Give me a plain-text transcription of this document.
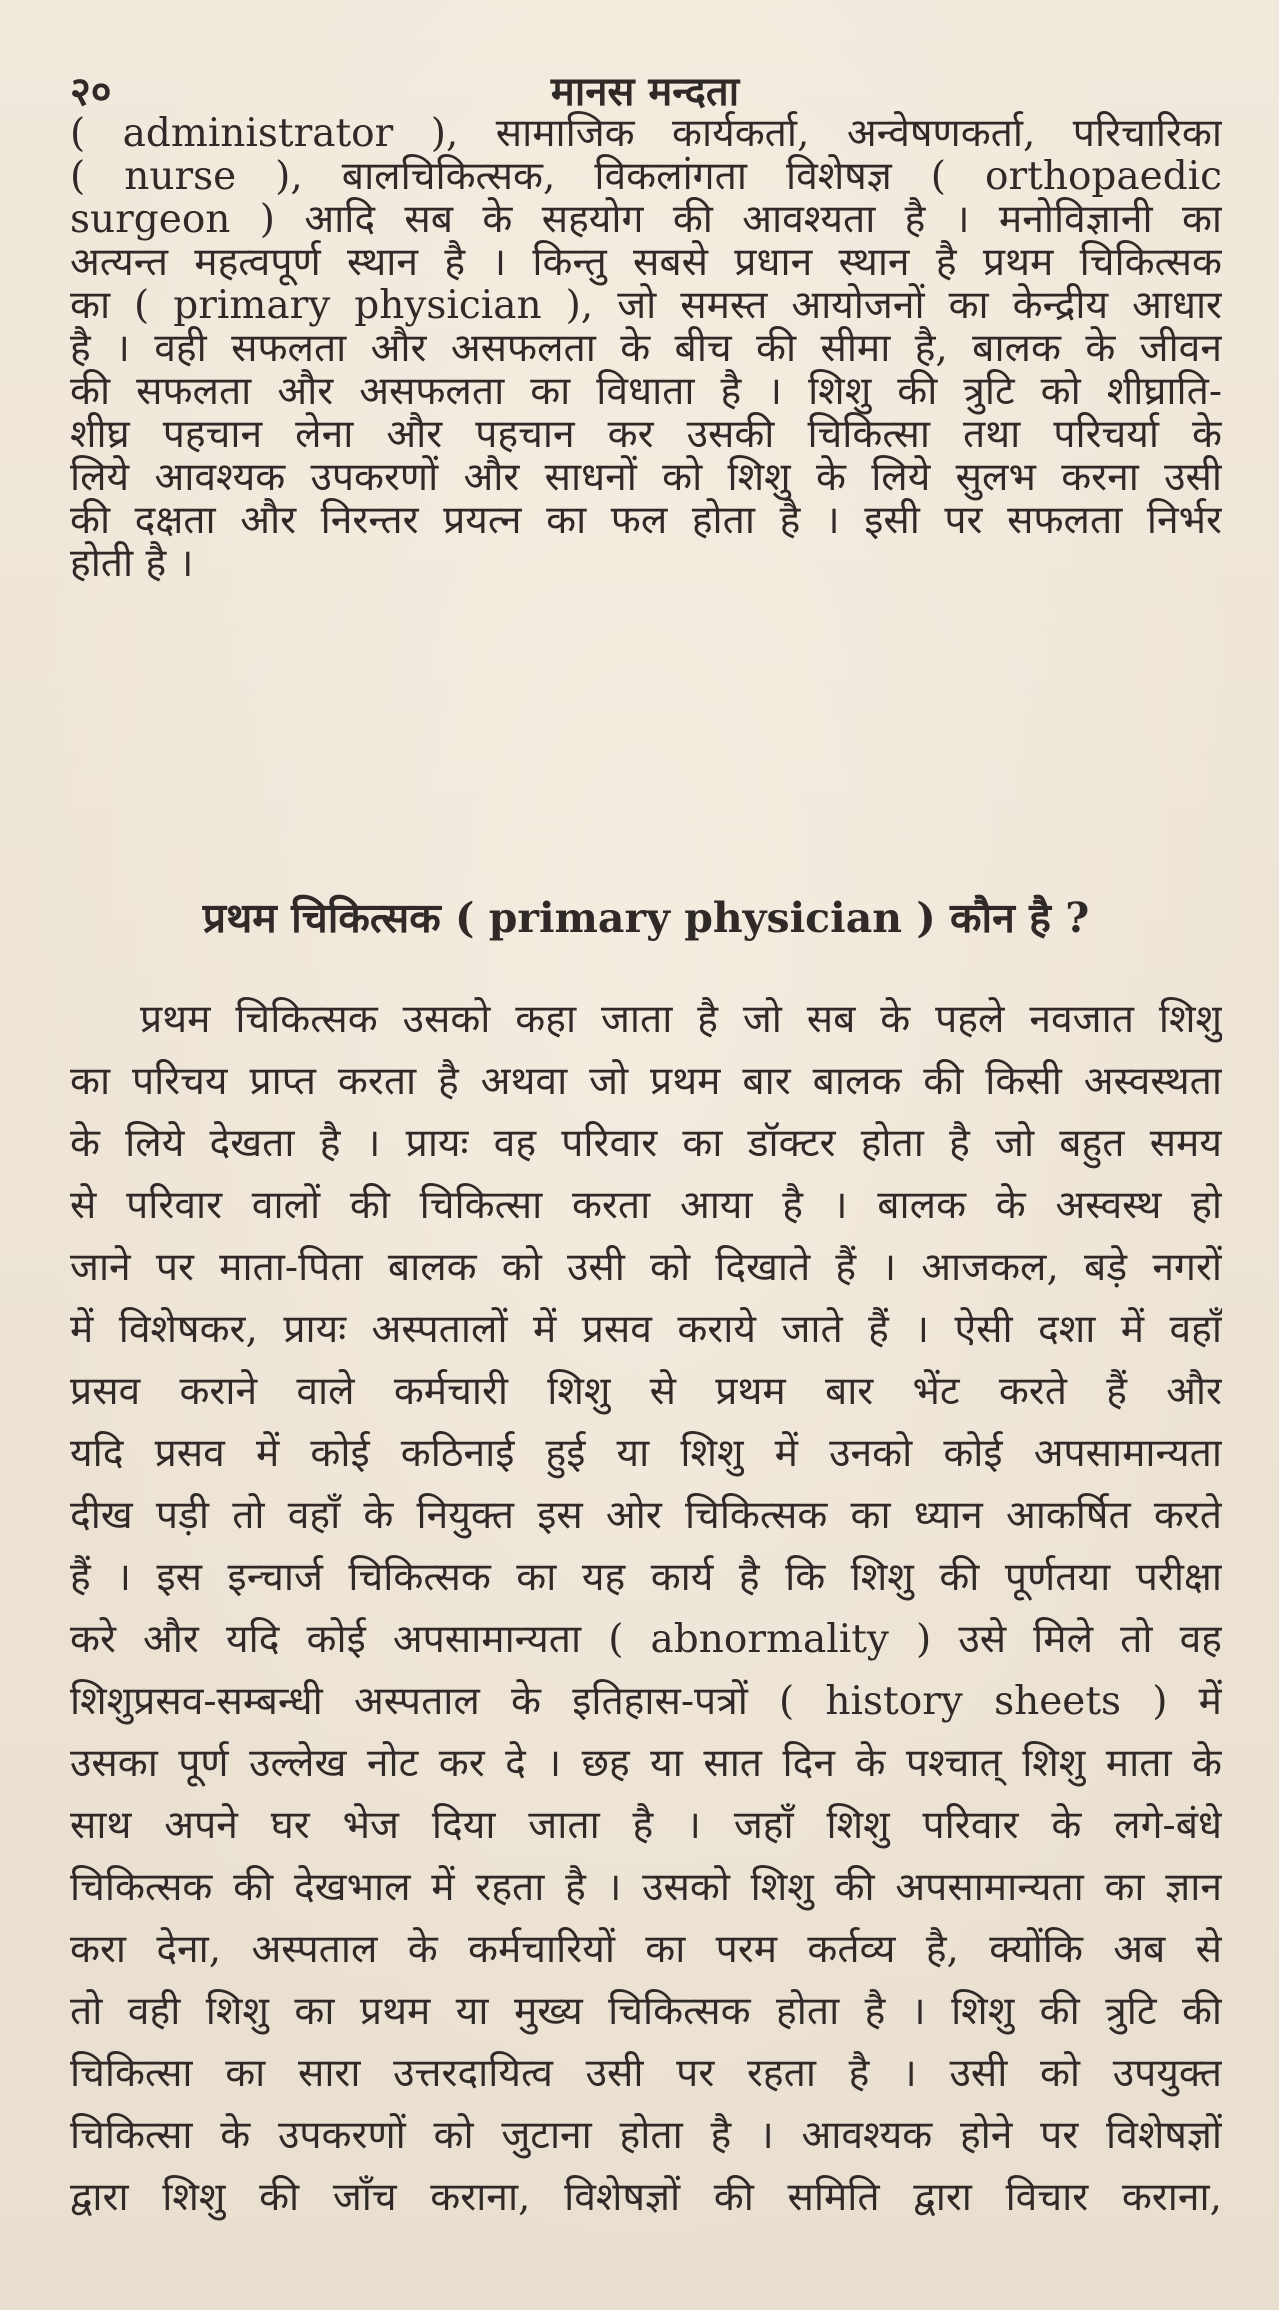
२०	मानस मन्दता
( administrator ), सामाजिक कार्यकर्ता, अन्वेषणकर्ता, परिचारिका
( nurse ), बालचिकित्सक, विकलांगता विशेषज्ञ ( orthopaedic
surgeon ) आदि सब के सहयोग की आवश्यता है । मनोविज्ञानी का
अत्यन्त महत्वपूर्ण स्थान है । किन्तु सबसे प्रधान स्थान है प्रथम चिकित्सक
का ( primary physician ), जो समस्त आयोजनों का केन्द्रीय आधार
है । वही सफलता और असफलता के बीच की सीमा है, बालक के जीवन
की सफलता और असफलता का विधाता है । शिशु की त्रुटि को शीघ्राति-
शीघ्र पहचान लेना और पहचान कर उसकी चिकित्सा तथा परिचर्या के
लिये आवश्यक उपकरणों और साधनों को शिशु के लिये सुलभ करना उसी
की दक्षता और निरन्तर प्रयत्न का फल होता है । इसी पर सफलता निर्भर
होती है ।
प्रथम चिकित्सक ( primary physician ) कौन है ?
प्रथम चिकित्सक उसको कहा जाता है जो सब के पहले नवजात शिशु
का परिचय प्राप्त करता है अथवा जो प्रथम बार बालक की किसी अस्वस्थता
के लिये देखता है । प्रायः वह परिवार का डॉक्टर होता है जो बहुत समय
से परिवार वालों की चिकित्सा करता आया है । बालक के अस्वस्थ हो
जाने पर माता-पिता बालक को उसी को दिखाते हैं । आजकल, बड़े नगरों
में विशेषकर, प्रायः अस्पतालों में प्रसव कराये जाते हैं । ऐसी दशा में वहाँ
प्रसव कराने वाले कर्मचारी शिशु से प्रथम बार भेंट करते हैं और
यदि प्रसव में कोई कठिनाई हुई या शिशु में उनको कोई अपसामान्यता
दीख पड़ी तो वहाँ के नियुक्त इस ओर चिकित्सक का ध्यान आकर्षित करते
हैं । इस इन्चार्ज चिकित्सक का यह कार्य है कि शिशु की पूर्णतया परीक्षा
करे और यदि कोई अपसामान्यता ( abnormality ) उसे मिले तो वह
शिशुप्रसव-सम्बन्धी अस्पताल के इतिहास-पत्रों ( history sheets ) में
उसका पूर्ण उल्लेख नोट कर दे । छह या सात दिन के पश्चात् शिशु माता के
साथ अपने घर भेज दिया जाता है । जहाँ शिशु परिवार के लगे-बंधे
चिकित्सक की देखभाल में रहता है । उसको शिशु की अपसामान्यता का ज्ञान
करा देना, अस्पताल के कर्मचारियों का परम कर्तव्य है, क्योंकि अब से
तो वही शिशु का प्रथम या मुख्य चिकित्सक होता है । शिशु की त्रुटि की
चिकित्सा का सारा उत्तरदायित्व उसी पर रहता है । उसी को उपयुक्त
चिकित्सा के उपकरणों को जुटाना होता है । आवश्यक होने पर विशेषज्ञों
द्वारा शिशु की जाँच कराना, विशेषज्ञों की समिति द्वारा विचार कराना,
